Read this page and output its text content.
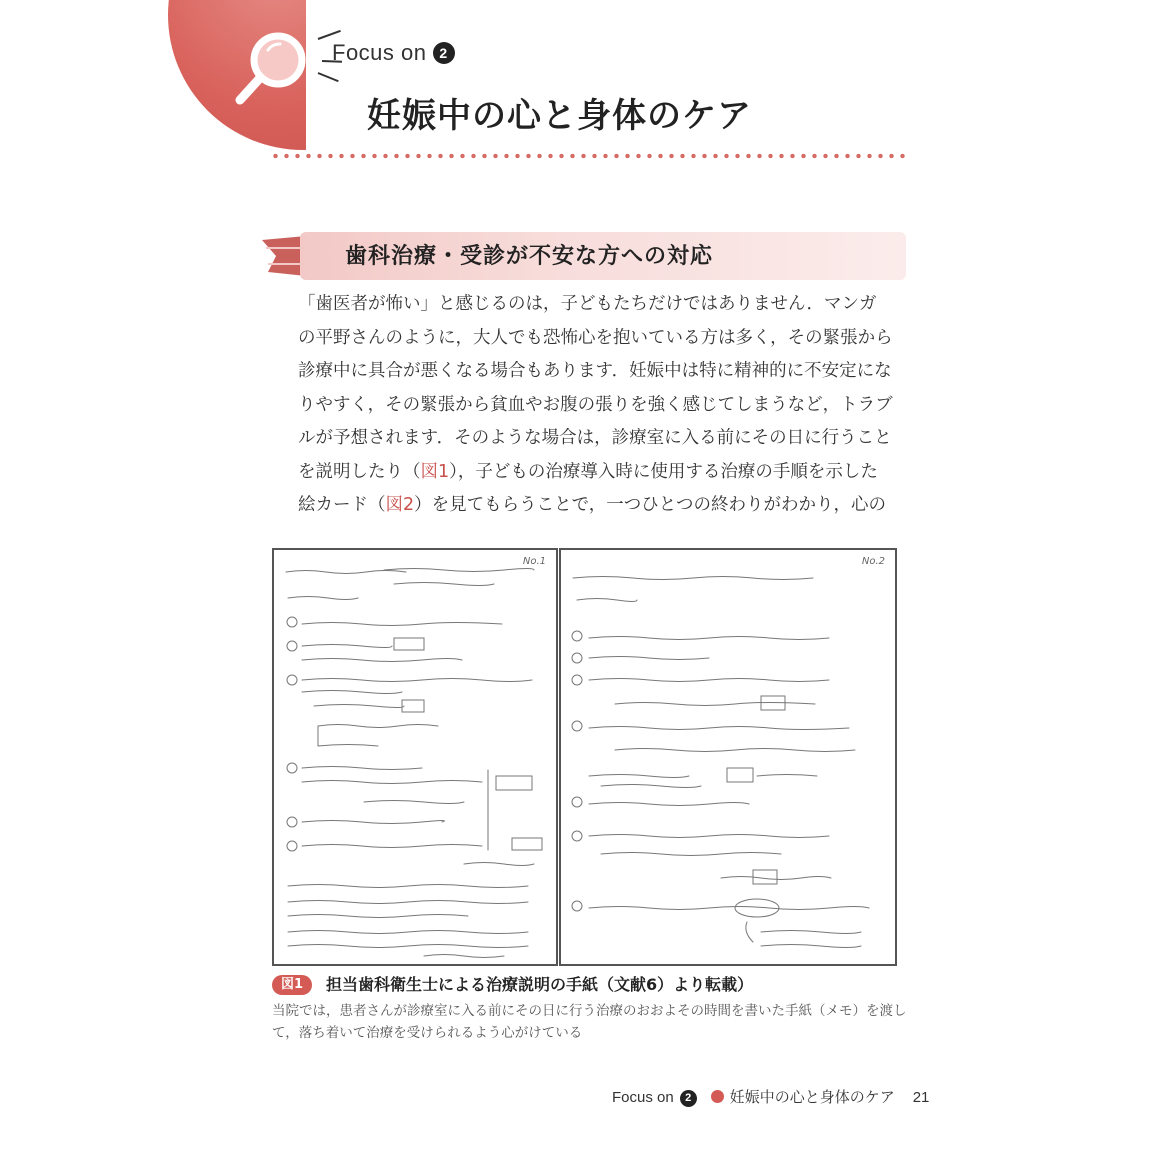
Focus on 2
妊娠中の心と身体のケア
歯科治療・受診が不安な方への対応

「歯医者が怖い」と感じるのは，子どもたちだけではありません．マンガ

の平野さんのように，大人でも恐怖心を抱いている方は多く，その緊張から

診療中に具合が悪くなる場合もあります．妊娠中は特に精神的に不安定にな

りやすく，その緊張から貧血やお腹の張りを強く感じてしまうなど，トラブ

ルが予想されます．そのような場合は，診療室に入る前にその日に行うこと

を説明したり（図1），子どもの治療導入時に使用する治療の手順を示した

絵カード（図2）を見てもらうことで，一つひとつの終わりがわかり，心の

No.1	No.2
図1	担当歯科衛生士による治療説明の手紙（文献6）より転載）
当院では，患者さんが診療室に入る前にその日に行う治療のおおよその時間を書いた手紙（メモ）を渡して，落ち着いて治療を受けられるよう心がけている
Focus on 2	妊娠中の心と身体のケア 21
